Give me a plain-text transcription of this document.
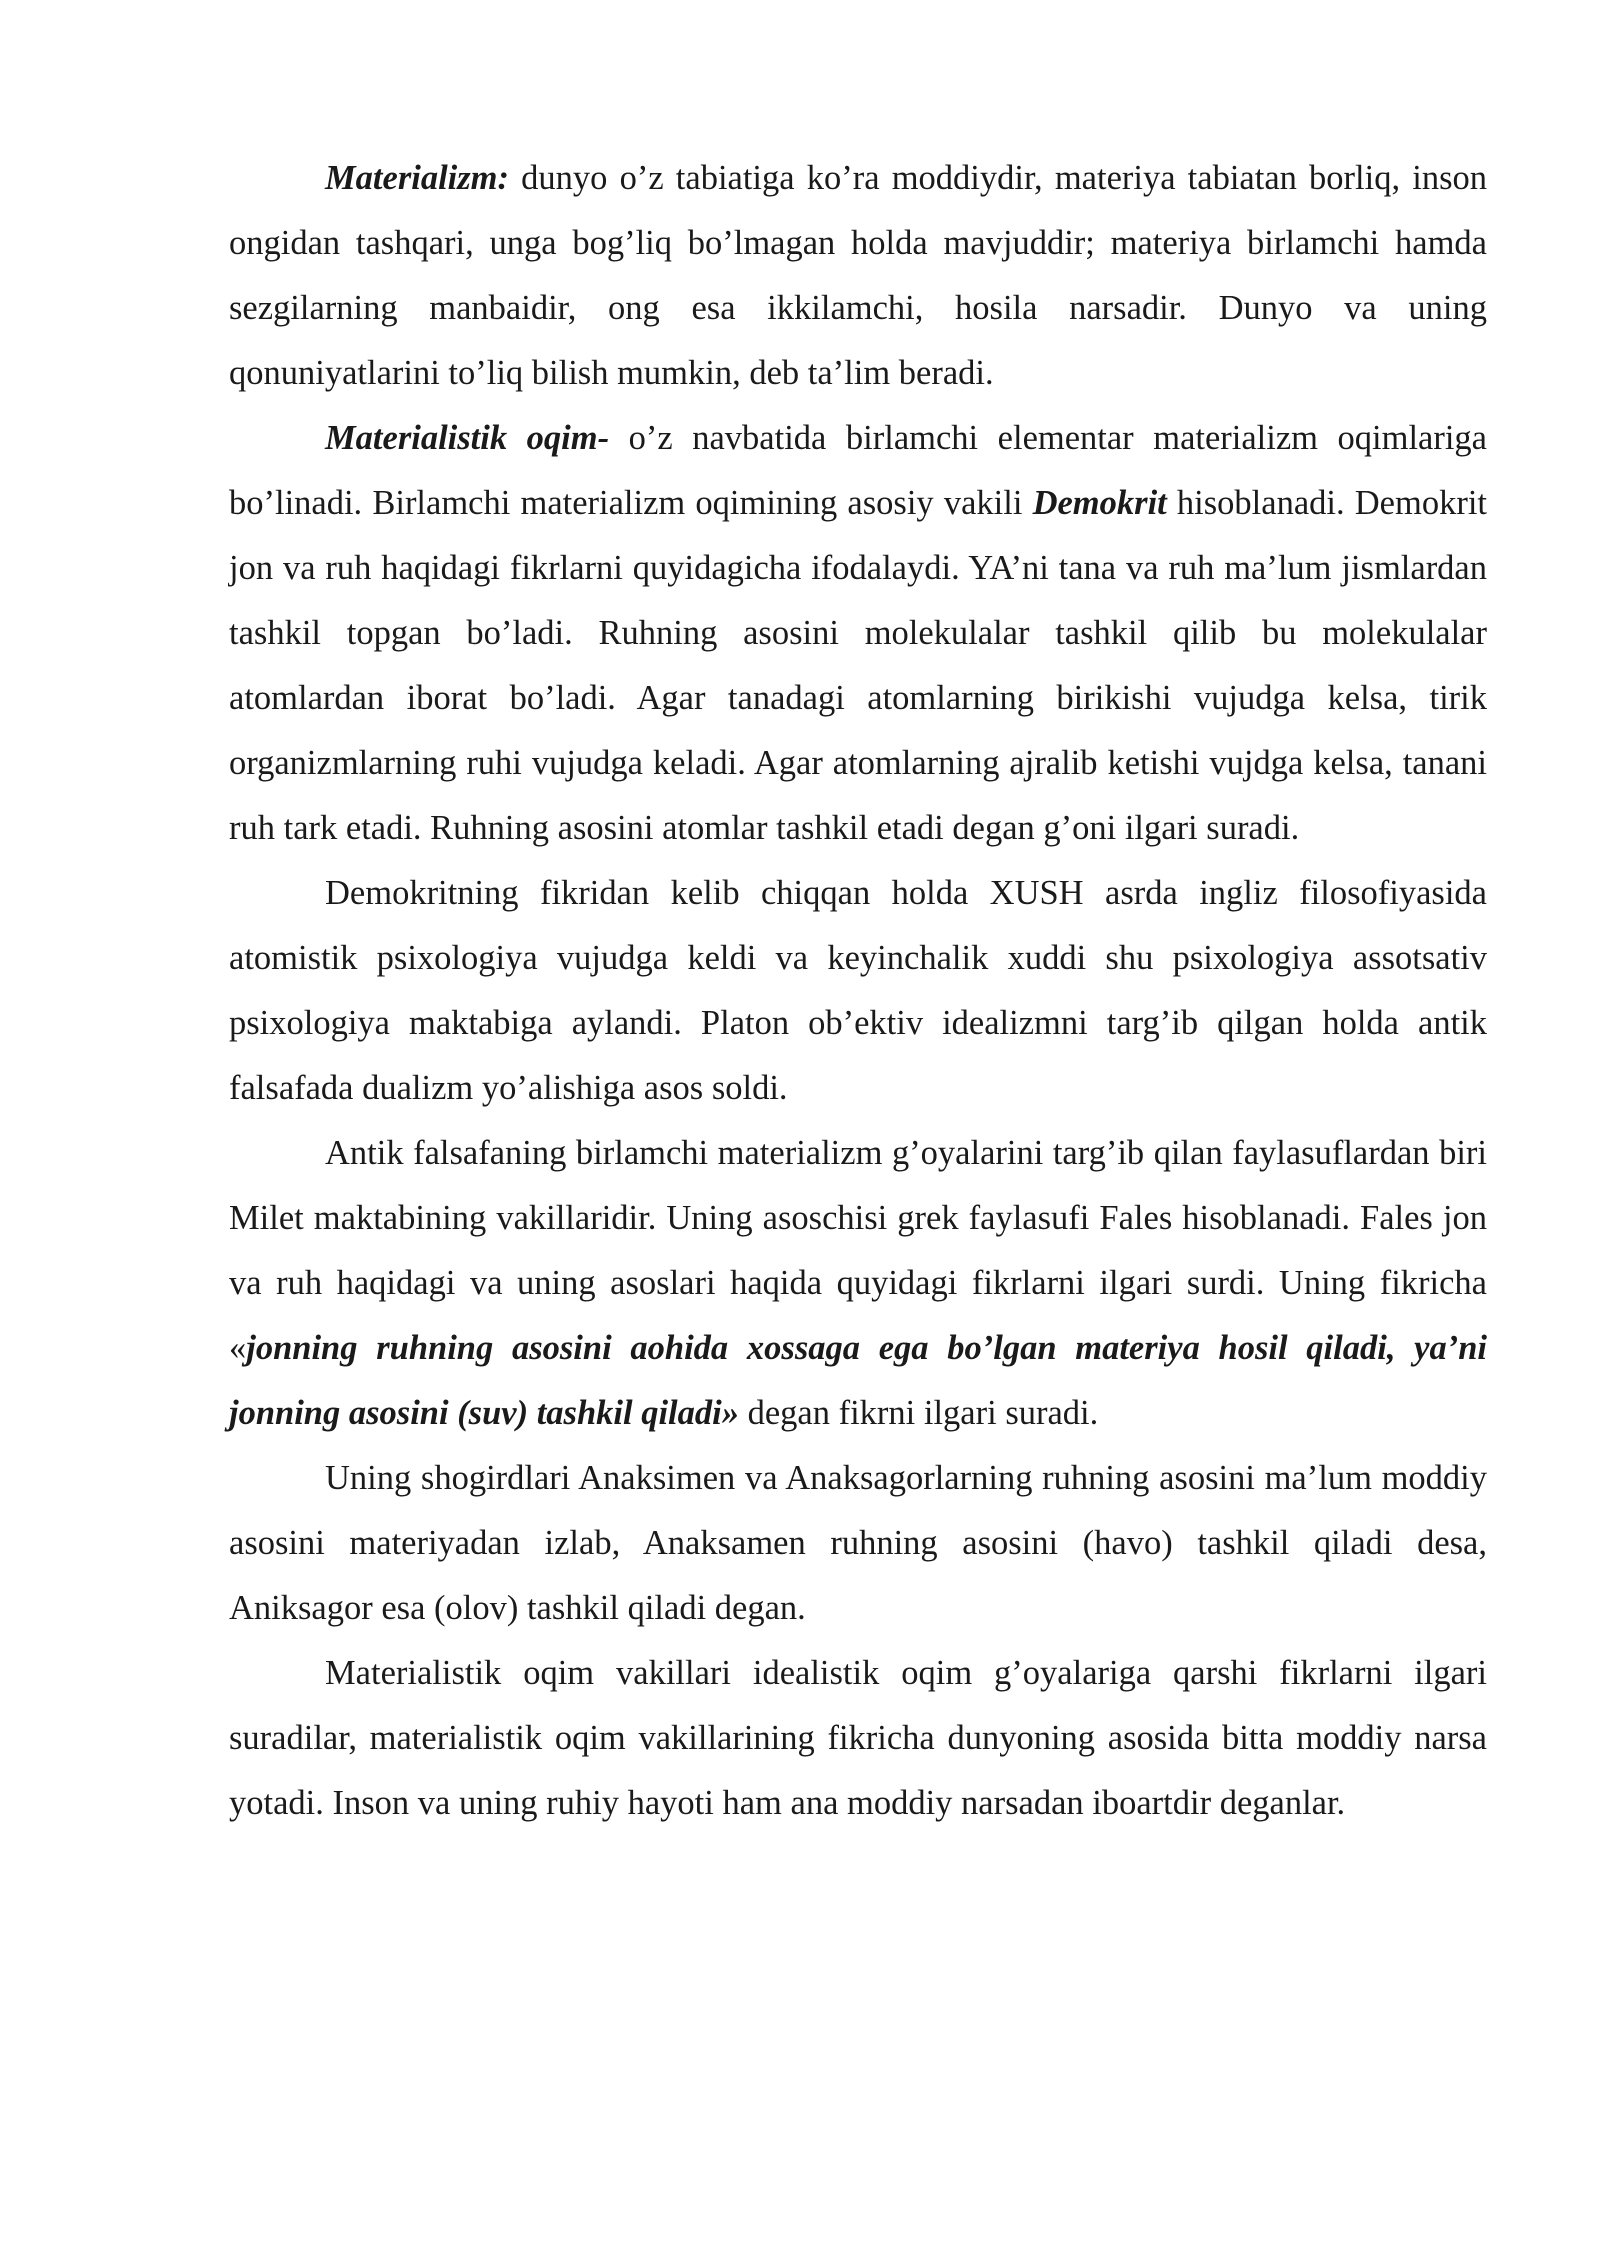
Materializm: dunyo o’z tabiatiga ko’ra moddiydir, materiya tabiatan borliq, inson ongidan tashqari, unga bog’liq bo’lmagan holda mavjuddir; materiya birlamchi hamda sezgilarning manbaidir, ong esa ikkilamchi, hosila narsadir. Dunyo va uning qonuniyatlarini to’liq bilish mumkin, deb ta’lim beradi.

Materialistik oqim- o’z navbatida birlamchi elementar materializm oqimlariga bo’linadi. Birlamchi materializm oqimining asosiy vakili Demokrit hisoblanadi. Demokrit jon va ruh haqidagi fikrlarni quyidagicha ifodalaydi. YA’ni tana va ruh ma’lum jismlardan tashkil topgan bo’ladi. Ruhning asosini molekulalar tashkil qilib bu molekulalar atomlardan iborat bo’ladi. Agar tanadagi atomlarning birikishi vujudga kelsa, tirik organizmlarning ruhi vujudga keladi. Agar atomlarning ajralib ketishi vujdga kelsa, tanani ruh tark etadi. Ruhning asosini atomlar tashkil etadi degan g’oni ilgari suradi.

Demokritning fikridan kelib chiqqan holda XUSH asrda ingliz filosofiyasida atomistik psixologiya vujudga keldi va keyinchalik xuddi shu psixologiya assotsativ psixologiya maktabiga aylandi. Platon ob’ektiv idealizmni targ’ib qilgan holda antik falsafada dualizm yo’alishiga asos soldi.

Antik falsafaning birlamchi materializm g’oyalarini targ’ib qilan faylasuflardan biri Milet maktabining vakillaridir. Uning asoschisi grek faylasufi Fales hisoblanadi. Fales jon va ruh haqidagi va uning asoslari haqida quyidagi fikrlarni ilgari surdi. Uning fikricha «jonning ruhning asosini aohida xossaga ega bo’lgan materiya hosil qiladi, ya’ni jonning asosini (suv) tashkil qiladi» degan fikrni ilgari suradi.

Uning shogirdlari Anaksimen va Anaksagorlarning ruhning asosini ma’lum moddiy asosini materiyadan izlab, Anaksamen ruhning asosini (havo) tashkil qiladi desa, Aniksagor esa (olov) tashkil qiladi degan.

Materialistik oqim vakillari idealistik oqim g’oyalariga qarshi fikrlarni ilgari suradilar, materialistik oqim vakillarining fikricha dunyoning asosida bitta moddiy narsa yotadi. Inson va uning ruhiy hayoti ham ana moddiy narsadan iboartdir deganlar.
